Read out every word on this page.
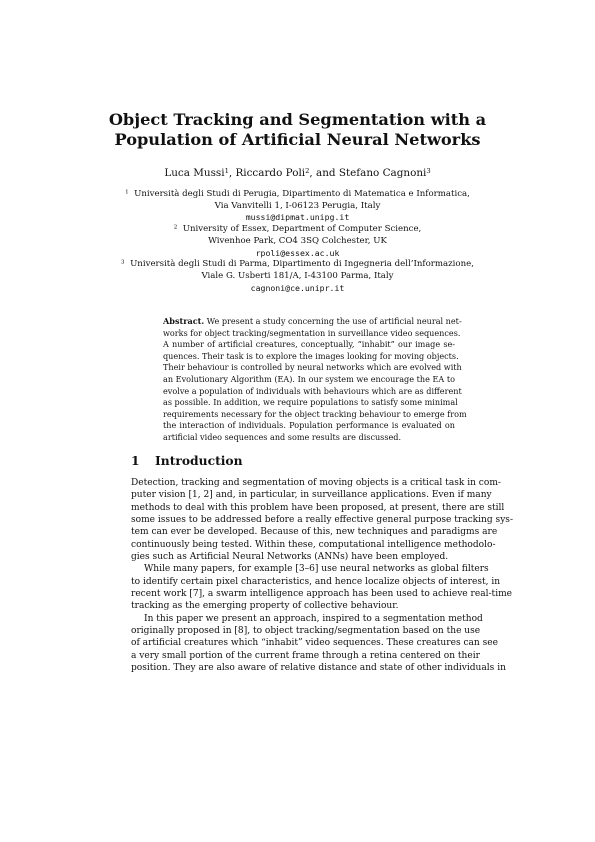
Object Tracking and Segmentation with a
Population of Artificial Neural Networks
Luca Mussi$^1$, Riccardo Poli$^2$, and Stefano Cagnoni$^3$
$^1$ Università degli Studi di Perugia, Dipartimento di Matematica e Informatica,
Via Vanvitelli 1, I-06123 Perugia, Italy
mussi@dipmat.unipg.it
$^2$ University of Essex, Department of Computer Science,
Wivenhoe Park, CO4 3SQ Colchester, UK
rpoli@essex.ac.uk
$^3$ Università degli Studi di Parma, Dipartimento di Ingegneria dell’Informazione,
Viale G. Usberti 181/A, I-43100 Parma, Italy
cagnoni@ce.unipr.it
Abstract. We present a study concerning the use of artificial neural net-
works for object tracking/segmentation in surveillance video sequences.
A number of artificial creatures, conceptually, “inhabit” our image se-
quences. Their task is to explore the images looking for moving objects.
Their behaviour is controlled by neural networks which are evolved with
an Evolutionary Algorithm (EA). In our system we encourage the EA to
evolve a population of individuals with behaviours which are as different
as possible. In addition, we require populations to satisfy some minimal
requirements necessary for the object tracking behaviour to emerge from
the interaction of individuals. Population performance is evaluated on
artificial video sequences and some results are discussed.
1 Introduction
Detection, tracking and segmentation of moving objects is a critical task in com-
puter vision [1, 2] and, in particular, in surveillance applications. Even if many
methods to deal with this problem have been proposed, at present, there are still
some issues to be addressed before a really effective general purpose tracking sys-
tem can ever be developed. Because of this, new techniques and paradigms are
continuously being tested. Within these, computational intelligence methodolo-
gies such as Artificial Neural Networks (ANNs) have been employed.
While many papers, for example [3–6] use neural networks as global filters
to identify certain pixel characteristics, and hence localize objects of interest, in
recent work [7], a swarm intelligence approach has been used to achieve real-time
tracking as the emerging property of collective behaviour.
In this paper we present an approach, inspired to a segmentation method
originally proposed in [8], to object tracking/segmentation based on the use
of artificial creatures which “inhabit” video sequences. These creatures can see
a very small portion of the current frame through a retina centered on their
position. They are also aware of relative distance and state of other individuals in
